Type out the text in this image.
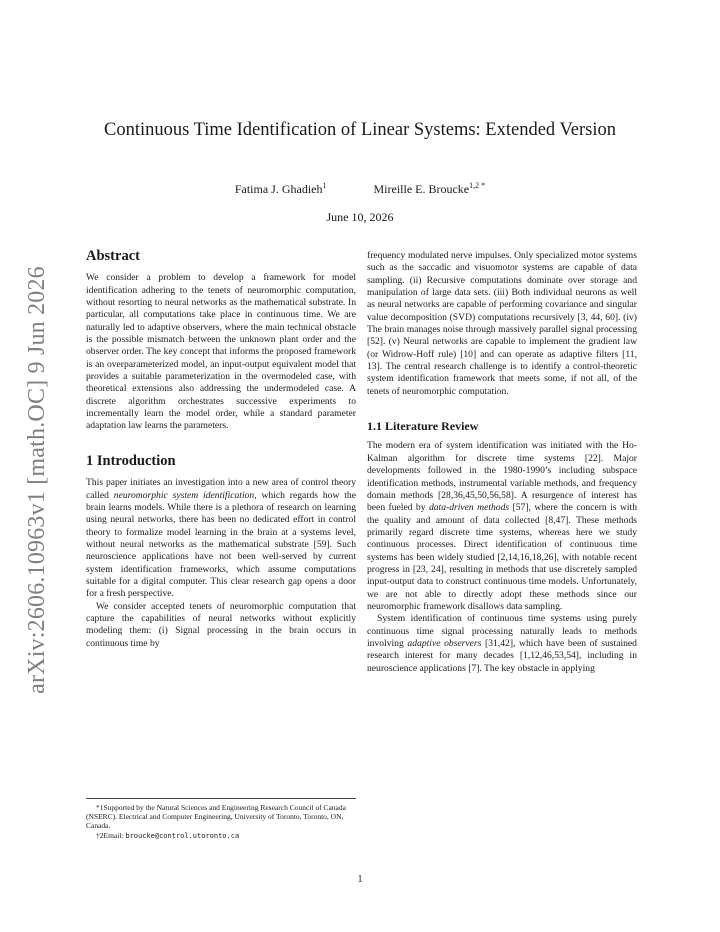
arXiv:2606.10963v1 [math.OC] 9 Jun 2026
Continuous Time Identification of Linear Systems: Extended Version
Fatima J. Ghadieh$^1$	Mireille E. Broucke$^{1,2 *}$
June 10, 2026
Abstract

We consider a problem to develop a framework for model identification adhering to the tenets of neuromorphic computation, without resorting to neural networks as the mathematical substrate. In particular, all computations take place in continuous time. We are naturally led to adaptive observers, where the main technical obstacle is the possible mismatch between the unknown plant order and the observer order. The key concept that informs the proposed framework is an overparameterized model, an input-output equivalent model that provides a suitable parameterization in the overmodeled case, with theoretical extensions also addressing the undermodeled case. A discrete algorithm orchestrates successive experiments to incrementally learn the model order, while a standard parameter adaptation law learns the parameters.

1 Introduction

This paper initiates an investigation into a new area of control theory called neuromorphic system identification, which regards how the brain learns models. While there is a plethora of research on learning using neural networks, there has been no dedicated effort in control theory to formalize model learning in the brain at a systems level, without neural networks as the mathematical substrate [59]. Such neuroscience applications have not been well-served by current system identification frameworks, which assume computations suitable for a digital computer. This clear research gap opens a door for a fresh perspective.

We consider accepted tenets of neuromorphic computation that capture the capabilities of neural networks without explicitly modeling them: (i) Signal processing in the brain occurs in continuous time by

frequency modulated nerve impulses. Only specialized motor systems such as the saccadic and visuomotor systems are capable of data sampling. (ii) Recursive computations dominate over storage and manipulation of large data sets. (iii) Both individual neurons as well as neural networks are capable of performing covariance and singular value decomposition (SVD) computations recursively [3, 44, 60]. (iv) The brain manages noise through massively parallel signal processing [52]. (v) Neural networks are capable to implement the gradient law (or Widrow-Hoff rule) [10] and can operate as adaptive filters [11, 13]. The central research challenge is to identify a control-theoretic system identification framework that meets some, if not all, of the tenets of neuromorphic computation.

1.1 Literature Review

The modern era of system identification was initiated with the Ho-Kalman algorithm for discrete time systems [22]. Major developments followed in the 1980-1990’s including subspace identification methods, instrumental variable methods, and frequency domain methods [28,36,45,50,56,58]. A resurgence of interest has been fueled by data-driven methods [57], where the concern is with the quality and amount of data collected [8,47]. These methods primarily regard discrete time systems, whereas here we study continuous processes. Direct identification of continuous time systems has been widely studied [2,14,16,18,26], with notable recent progress in [23, 24], resulting in methods that use discretely sampled input-output data to construct continuous time models. Unfortunately, we are not able to directly adopt these methods since our neuromorphic framework disallows data sampling.

System identification of continuous time systems using purely continuous time signal processing naturally leads to methods involving adaptive observers [31,42], which have been of sustained research interest for many decades [1,12,46,53,54], including in neuroscience applications [7]. The key obstacle in applying

*1Supported by the Natural Sciences and Engineering Research Council of Canada (NSERC). Electrical and Computer Engineering, University of Toronto, Toronto, ON, Canada.
†2Email: broucke@control.utoronto.ca
1
